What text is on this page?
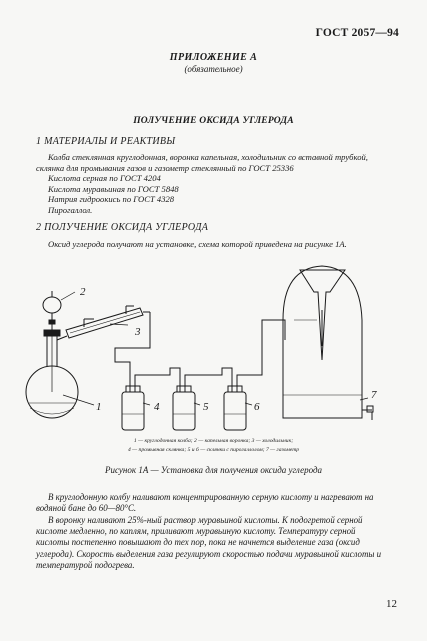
ГОСТ 2057—94
ПРИЛОЖЕНИЕ А
(обязательное)
ПОЛУЧЕНИЕ ОКСИДА УГЛЕРОДА
1 МАТЕРИАЛЫ И РЕАКТИВЫ
Колба стеклянная круглодонная, воронка капельная, холодильник со вставной трубкой,
склянка для промывания газов и газометр стеклянный по ГОСТ 25336
Кислота серная по ГОСТ 4204
Кислота муравьиная по ГОСТ 5848
Натрия гидроокись по ГОСТ 4328
Пирогаллол.
2 ПОЛУЧЕНИЕ ОКСИДА УГЛЕРОДА
Оксид углерода получают на установке, схема которой приведена на рисунке 1А.
2
3
1	4	5	6
7
1 — круглодонная колба; 2 — капельная воронка; 3 — холодильник;
4 — промывная склянка; 5 и 6 — склянки с пирогаллолом; 7 — газометр
Рисунок 1А — Установка для получения оксида углерода
В круглодонную колбу наливают концентрированную серную кислоту и нагревают на
водяной бане до 60—80°С.
В воронку наливают 25%-ный раствор муравьиной кислоты. К подогретой серной
кислоте медленно, по каплям, приливают муравьиную кислоту. Температуру серной
кислоты постепенно повышают до тех пор, пока не начнется выделение газа (оксид
углерода). Скорость выделения газа регулируют скоростью подачи муравьиной кислоты и
температурой подогрева.
12
